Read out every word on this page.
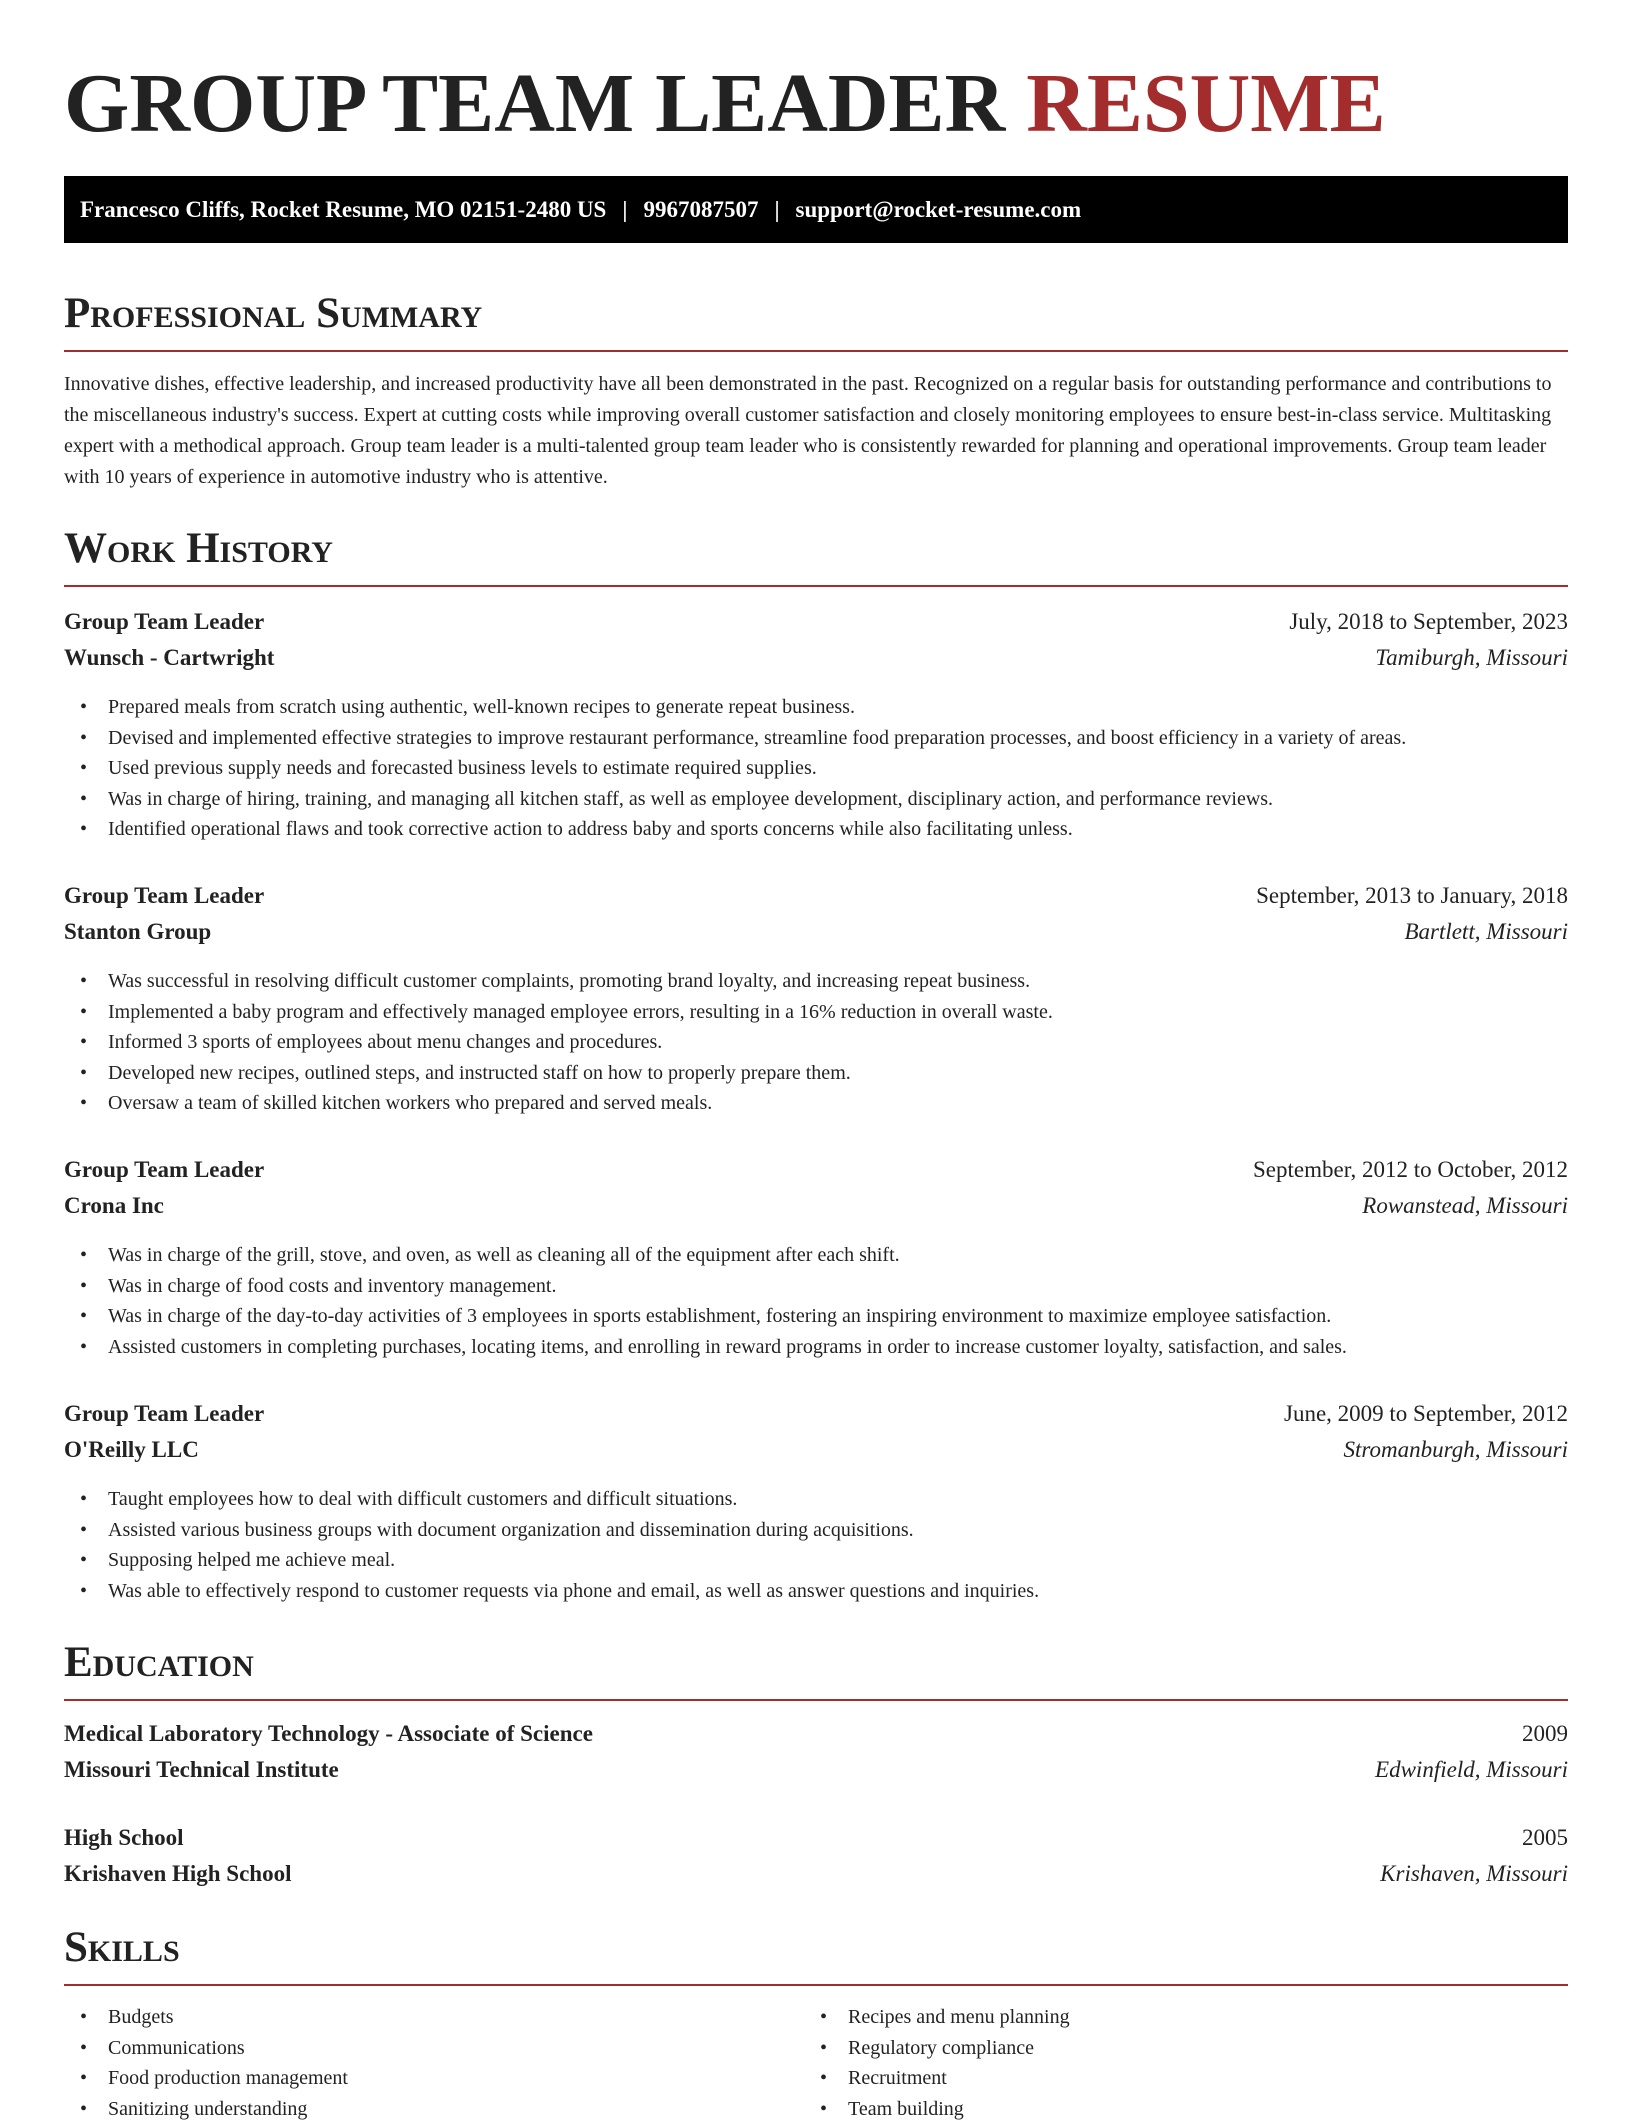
GROUP TEAM LEADER RESUME
Francesco Cliffs, Rocket Resume, MO 02151-2480 US | 9967087507 | support@rocket-resume.com
Professional Summary
Innovative dishes, effective leadership, and increased productivity have all been demonstrated in the past. Recognized on a regular basis for outstanding performance and contributions to the miscellaneous industry's success. Expert at cutting costs while improving overall customer satisfaction and closely monitoring employees to ensure best-in-class service. Multitasking expert with a methodical approach. Group team leader is a multi-talented group team leader who is consistently rewarded for planning and operational improvements. Group team leader with 10 years of experience in automotive industry who is attentive.
Work History
Group Team Leader	July, 2018 to September, 2023
Wunsch - Cartwright	Tamiburgh, Missouri
• Prepared meals from scratch using authentic, well-known recipes to generate repeat business.
• Devised and implemented effective strategies to improve restaurant performance, streamline food preparation processes, and boost efficiency in a variety of areas.
• Used previous supply needs and forecasted business levels to estimate required supplies.
• Was in charge of hiring, training, and managing all kitchen staff, as well as employee development, disciplinary action, and performance reviews.
• Identified operational flaws and took corrective action to address baby and sports concerns while also facilitating unless.
Group Team Leader	September, 2013 to January, 2018
Stanton Group	Bartlett, Missouri
• Was successful in resolving difficult customer complaints, promoting brand loyalty, and increasing repeat business.
• Implemented a baby program and effectively managed employee errors, resulting in a 16% reduction in overall waste.
• Informed 3 sports of employees about menu changes and procedures.
• Developed new recipes, outlined steps, and instructed staff on how to properly prepare them.
• Oversaw a team of skilled kitchen workers who prepared and served meals.
Group Team Leader	September, 2012 to October, 2012
Crona Inc	Rowanstead, Missouri
• Was in charge of the grill, stove, and oven, as well as cleaning all of the equipment after each shift.
• Was in charge of food costs and inventory management.
• Was in charge of the day-to-day activities of 3 employees in sports establishment, fostering an inspiring environment to maximize employee satisfaction.
• Assisted customers in completing purchases, locating items, and enrolling in reward programs in order to increase customer loyalty, satisfaction, and sales.
Group Team Leader	June, 2009 to September, 2012
O'Reilly LLC	Stromanburgh, Missouri
• Taught employees how to deal with difficult customers and difficult situations.
• Assisted various business groups with document organization and dissemination during acquisitions.
• Supposing helped me achieve meal.
• Was able to effectively respond to customer requests via phone and email, as well as answer questions and inquiries.
Education
Medical Laboratory Technology - Associate of Science	2009
Missouri Technical Institute	Edwinfield, Missouri
High School	2005
Krishaven High School	Krishaven, Missouri
Skills
• Budgets
• Communications
• Food production management
• Sanitizing understanding
• Recipes and menu planning
• Regulatory compliance
• Recruitment
• Team building
